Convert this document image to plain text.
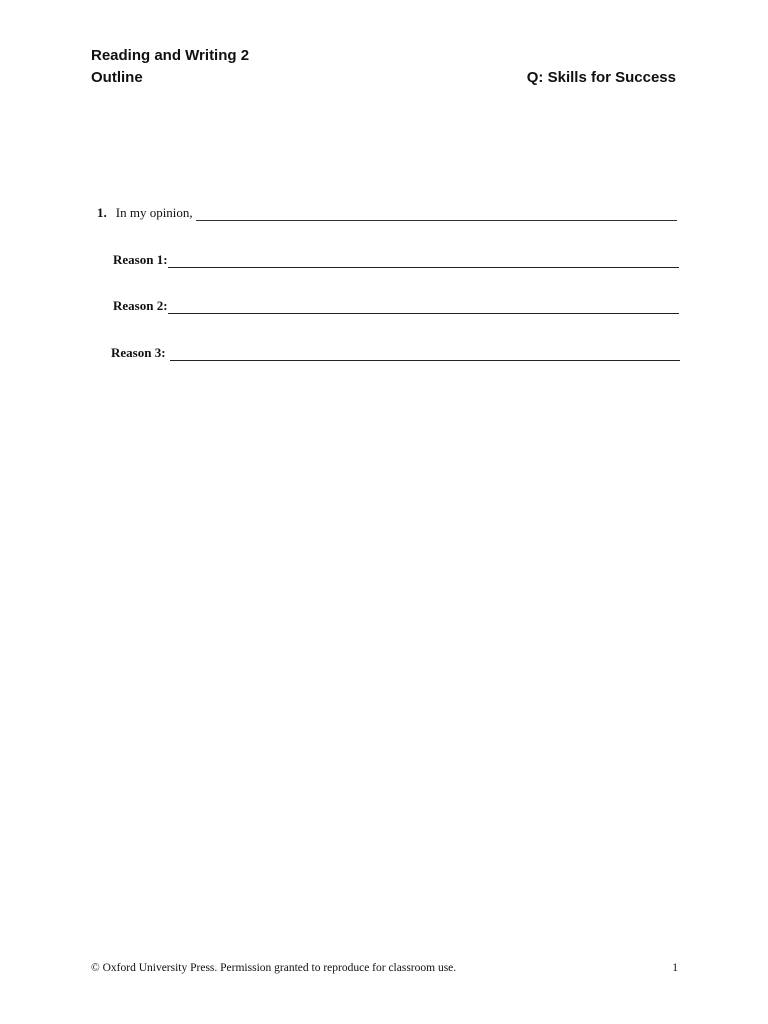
Reading and Writing 2
Outline	Q: Skills for Success
1. In my opinion,
Reason 1:
Reason 2:
Reason 3:
© Oxford University Press. Permission granted to reproduce for classroom use.	1
